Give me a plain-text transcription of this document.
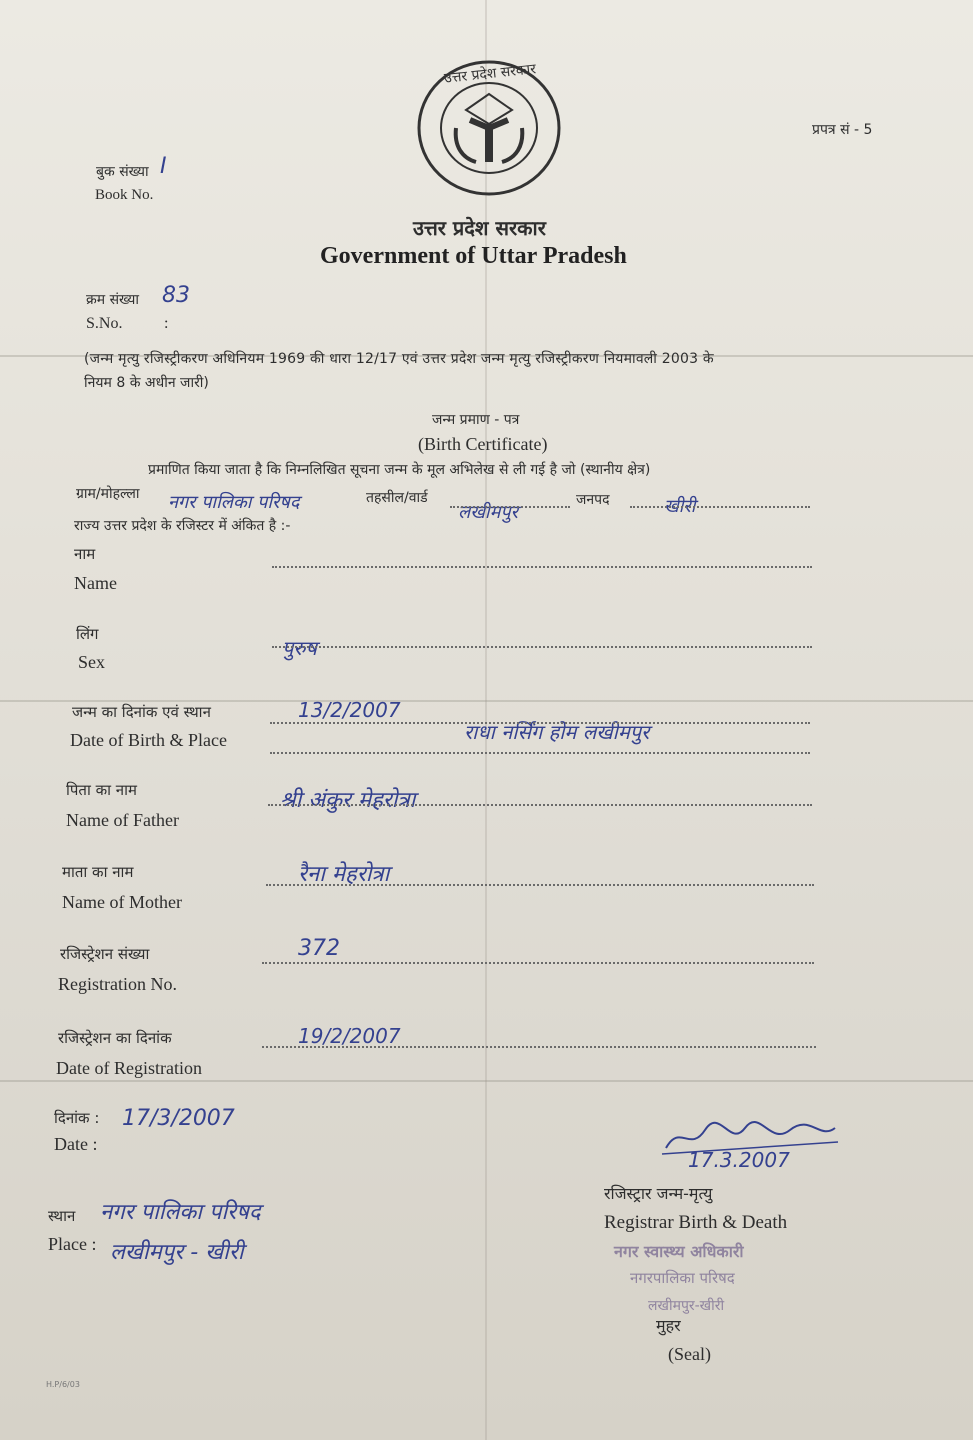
उत्तर प्रदेश सरकार
प्रपत्र सं - 5
बुक संख्या I
Book No.
उत्तर प्रदेश सरकार
Government of Uttar Pradesh
क्रम संख्या 83
S.No.	:
(जन्म मृत्यु रजिस्ट्रीकरण अधिनियम 1969 की धारा 12/17 एवं उत्तर प्रदेश जन्म मृत्यु रजिस्ट्रीकरण नियमावली 2003 के
नियम 8 के अधीन जारी)
जन्म प्रमाण - पत्र
(Birth Certificate)
प्रमाणित किया जाता है कि निम्नलिखित सूचना जन्म के मूल अभिलेख से ली गई है जो (स्थानीय क्षेत्र)
ग्राम/मोहल्ला नगर पालिका परिषद	तहसील/वार्ड
लखीमपुर
जनपद	खीरी
राज्य उत्तर प्रदेश के रजिस्टर में अंकित है :-
नाम
Name
लिंग
Sex
पुरुष
जन्म का दिनांक एवं स्थान
Date of Birth & Place
13/2/2007
राधा नर्सिंग होम लखीमपुर
पिता का नाम
Name of Father
श्री अंकुर मेहरोत्रा
माता का नाम
Name of Mother
रैना मेहरोत्रा
रजिस्ट्रेशन संख्या
Registration No.
372
रजिस्ट्रेशन का दिनांक
Date of Registration
19/2/2007
दिनांक :
Date :
17/3/2007
स्थान
Place :
नगर पालिका परिषद
लखीमपुर - खीरी
17.3.2007
रजिस्ट्रार जन्म-मृत्यु
Registrar Birth & Death
नगर स्वास्थ्य अधिकारी
नगरपालिका परिषद
लखीमपुर-खीरी
मुहर
(Seal)
H.P/6/03
